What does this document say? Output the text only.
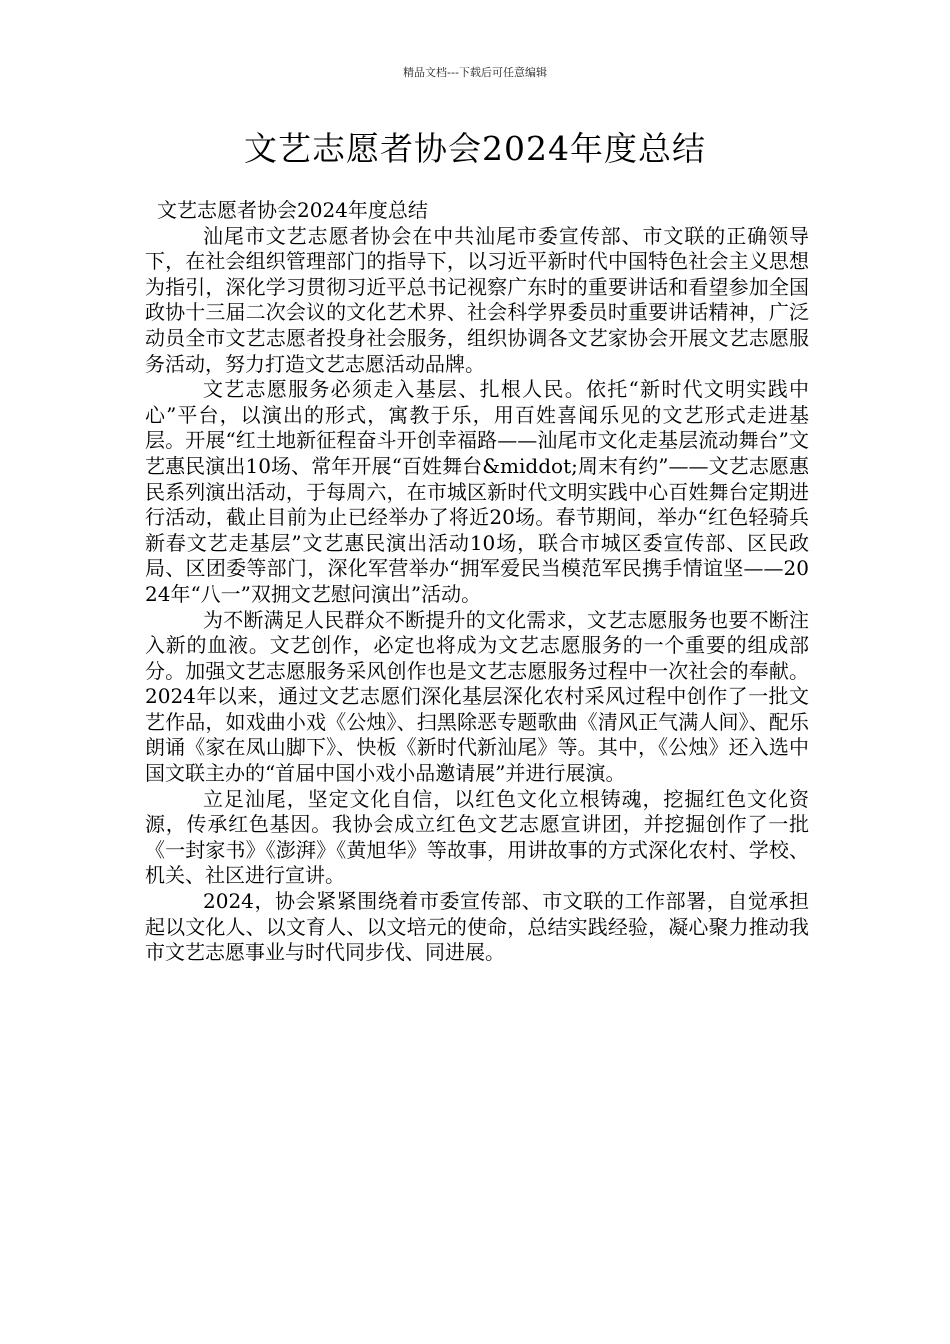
精品文档---下载后可任意编辑
文艺志愿者协会2024年度总结

文艺志愿者协会2024年度总结

汕尾市文艺志愿者协会在中共汕尾市委宣传部、市文联的正确领导下，在社会组织管理部门的指导下，以习近平新时代中国特色社会主义思想为指引，深化学习贯彻习近平总书记视察广东时的重要讲话和看望参加全国政协十三届二次会议的文化艺术界、社会科学界委员时重要讲话精神，广泛动员全市文艺志愿者投身社会服务，组织协调各文艺家协会开展文艺志愿服务活动，努力打造文艺志愿活动品牌。

文艺志愿服务必须走入基层、扎根人民。依托“新时代文明实践中心”平台，以演出的形式，寓教于乐，用百姓喜闻乐见的文艺形式走进基层。开展“红土地新征程奋斗开创幸福路——汕尾市文化走基层流动舞台”文艺惠民演出10场、常年开展“百姓舞台&middot;周末有约”——文艺志愿惠民系列演出活动，于每周六，在市城区新时代文明实践中心百姓舞台定期进行活动，截止目前为止已经举办了将近20场。春节期间，举办“红色轻骑兵新春文艺走基层”文艺惠民演出活动10场，联合市城区委宣传部、区民政局、区团委等部门，深化军营举办“拥军爱民当模范军民携手情谊坚——2024年“八一”双拥文艺慰问演出”活动。

为不断满足人民群众不断提升的文化需求，文艺志愿服务也要不断注入新的血液。文艺创作，必定也将成为文艺志愿服务的一个重要的组成部分。加强文艺志愿服务采风创作也是文艺志愿服务过程中一次社会的奉献。2024年以来，通过文艺志愿们深化基层深化农村采风过程中创作了一批文艺作品，如戏曲小戏《公烛》、扫黑除恶专题歌曲《清风正气满人间》、配乐朗诵《家在凤山脚下》、快板《新时代新汕尾》等。其中，《公烛》还入选中国文联主办的“首届中国小戏小品邀请展”并进行展演。

立足汕尾，坚定文化自信，以红色文化立根铸魂，挖掘红色文化资源，传承红色基因。我协会成立红色文艺志愿宣讲团，并挖掘创作了一批《一封家书》《澎湃》《黄旭华》等故事，用讲故事的方式深化农村、学校、机关、社区进行宣讲。

2024，协会紧紧围绕着市委宣传部、市文联的工作部署，自觉承担起以文化人、以文育人、以文培元的使命，总结实践经验，凝心聚力推动我市文艺志愿事业与时代同步伐、同进展。
